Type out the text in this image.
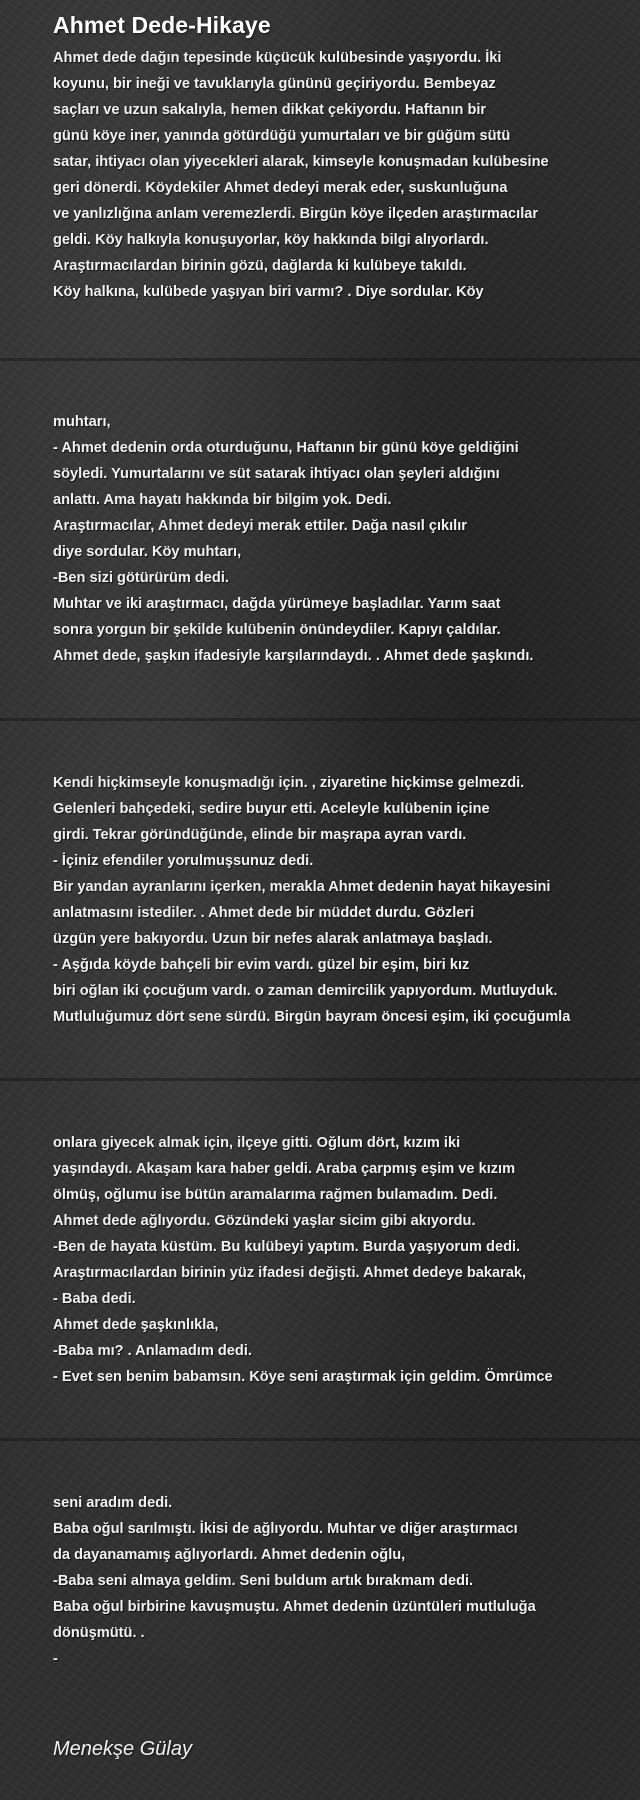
Ahmet Dede-Hikaye
Ahmet dede dağın tepesinde küçücük kulübesinde yaşıyordu. İki
koyunu, bir ineği ve tavuklarıyla gününü geçiriyordu. Bembeyaz
saçları ve uzun sakalıyla, hemen dikkat çekiyordu. Haftanın bir
günü köye iner, yanında götürdüğü yumurtaları ve bir güğüm sütü
satar, ihtiyacı olan yiyecekleri alarak, kimseyle konuşmadan kulübesine
geri dönerdi. Köydekiler Ahmet dedeyi merak eder, suskunluğuna
ve yanlızlığına anlam veremezlerdi. Birgün köye ilçeden araştırmacılar
geldi. Köy halkıyla konuşuyorlar, köy hakkında bilgi alıyorlardı.
Araştırmacılardan birinin gözü, dağlarda ki kulübeye takıldı.
Köy halkına, kulübede yaşıyan biri varmı? . Diye sordular. Köy
muhtarı,
- Ahmet dedenin orda oturduğunu, Haftanın bir günü köye geldiğini
söyledi. Yumurtalarını ve süt satarak ihtiyacı olan şeyleri aldığını
anlattı. Ama hayatı hakkında bir bilgim yok. Dedi.
Araştırmacılar, Ahmet dedeyi merak ettiler. Dağa nasıl çıkılır
diye sordular. Köy muhtarı,
-Ben sizi götürürüm dedi.
Muhtar ve iki araştırmacı, dağda yürümeye başladılar. Yarım saat
sonra yorgun bir şekilde kulübenin önündeydiler. Kapıyı çaldılar.
Ahmet dede, şaşkın ifadesiyle karşılarındaydı. . Ahmet dede şaşkındı.
Kendi hiçkimseyle konuşmadığı için. , ziyaretine hiçkimse gelmezdi.
Gelenleri bahçedeki, sedire buyur etti. Aceleyle kulübenin içine
girdi. Tekrar göründüğünde, elinde bir maşrapa ayran vardı.
- İçiniz efendiler yorulmuşsunuz dedi.
Bir yandan ayranlarını içerken, merakla Ahmet dedenin hayat hikayesini
anlatmasını istediler. . Ahmet dede bir müddet durdu. Gözleri
üzgün yere bakıyordu. Uzun bir nefes alarak anlatmaya başladı.
- Aşğıda köyde bahçeli bir evim vardı. güzel bir eşim, biri kız
biri oğlan iki çocuğum vardı. o zaman demircilik yapıyordum. Mutluyduk.
Mutluluğumuz dört sene sürdü. Birgün bayram öncesi eşim, iki çocuğumla
onlara giyecek almak için, ilçeye gitti. Oğlum dört, kızım iki
yaşındaydı. Akaşam kara haber geldi. Araba çarpmış eşim ve kızım
ölmüş, oğlumu ise bütün aramalarıma rağmen bulamadım. Dedi.
Ahmet dede ağlıyordu. Gözündeki yaşlar sicim gibi akıyordu.
-Ben de hayata küstüm. Bu kulübeyi yaptım. Burda yaşıyorum dedi.
Araştırmacılardan birinin yüz ifadesi değişti. Ahmet dedeye bakarak,
- Baba dedi.
Ahmet dede şaşkınlıkla,
-Baba mı? . Anlamadım dedi.
- Evet sen benim babamsın. Köye seni araştırmak için geldim. Ömrümce
seni aradım dedi.
Baba oğul sarılmıştı. İkisi de ağlıyordu. Muhtar ve diğer araştırmacı
da dayanamamış ağlıyorlardı. Ahmet dedenin oğlu,
-Baba seni almaya geldim. Seni buldum artık bırakmam dedi.
Baba oğul birbirine kavuşmuştu. Ahmet dedenin üzüntüleri mutluluğa
dönüşmütü. .
-
Menekşe Gülay
